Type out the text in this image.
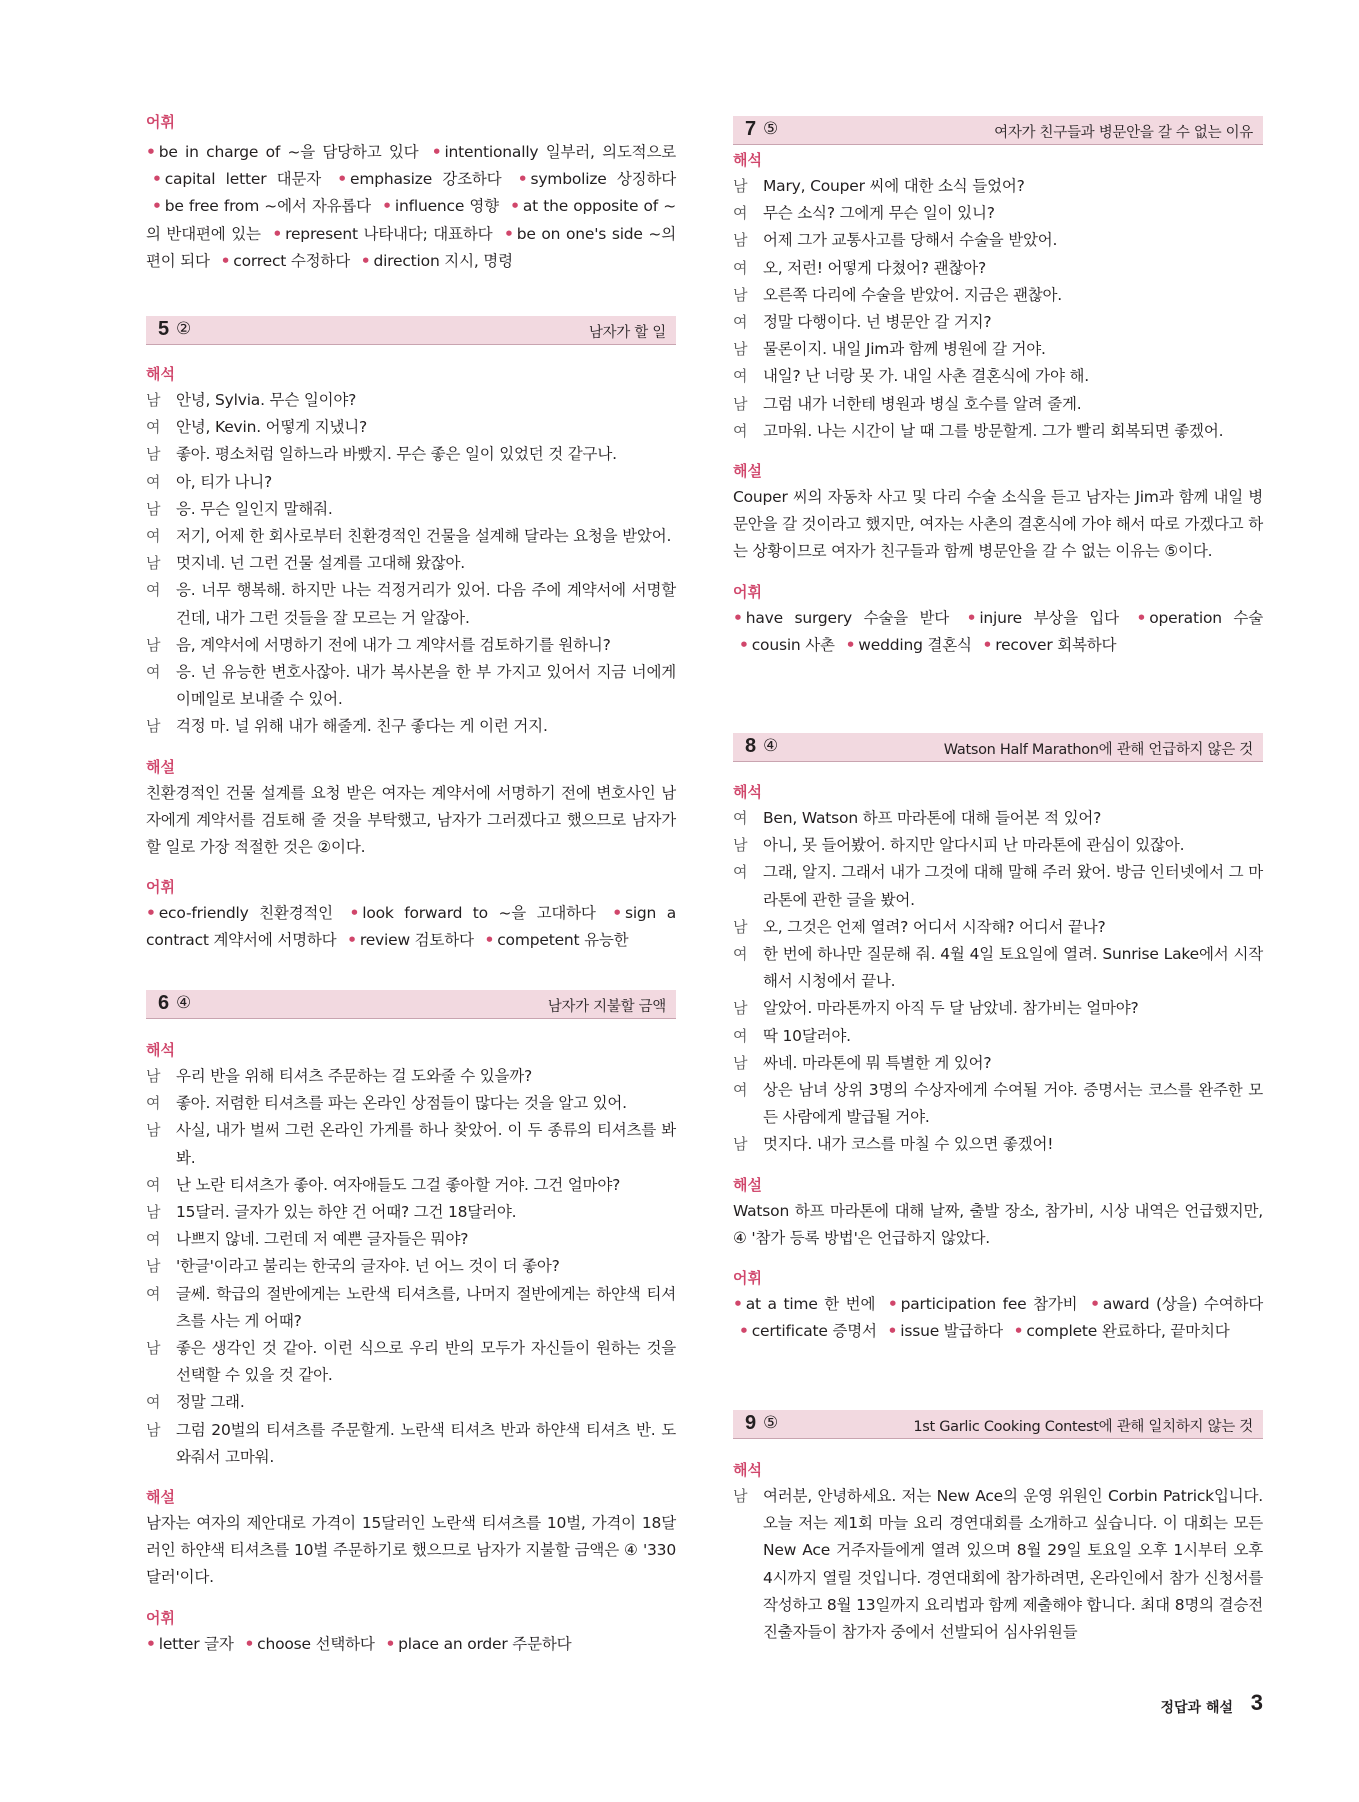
어휘
• be in charge of ~을 담당하고 있다 • intentionally 일부러, 의도적으로 • capital letter 대문자 • emphasize 강조하다 • symbolize 상징하다 • be free from ~에서 자유롭다 • influence 영향 • at the opposite of ~의 반대편에 있는 • represent 나타내다; 대표하다 • be on one's side ~의 편이 되다 • correct 수정하다 • direction 지시, 명령
5 ②	남자가 할 일
해석
남	안녕, Sylvia. 무슨 일이야?
여	안녕, Kevin. 어떻게 지냈니?
남	좋아. 평소처럼 일하느라 바빴지. 무슨 좋은 일이 있었던 것 같구나.
여	아, 티가 나니?
남	응. 무슨 일인지 말해줘.
여	저기, 어제 한 회사로부터 친환경적인 건물을 설계해 달라는 요청을 받았어.
남	멋지네. 넌 그런 건물 설계를 고대해 왔잖아.
여	응. 너무 행복해. 하지만 나는 걱정거리가 있어. 다음 주에 계약서에 서명할 건데, 내가 그런 것들을 잘 모르는 거 알잖아.
남	음, 계약서에 서명하기 전에 내가 그 계약서를 검토하기를 원하니?
여	응. 넌 유능한 변호사잖아. 내가 복사본을 한 부 가지고 있어서 지금 너에게 이메일로 보내줄 수 있어.
남	걱정 마. 널 위해 내가 해줄게. 친구 좋다는 게 이런 거지.
해설
친환경적인 건물 설계를 요청 받은 여자는 계약서에 서명하기 전에 변호사인 남자에게 계약서를 검토해 줄 것을 부탁했고, 남자가 그러겠다고 했으므로 남자가 할 일로 가장 적절한 것은 ②이다.
어휘
• eco-friendly 친환경적인 • look forward to ~을 고대하다 • sign a contract 계약서에 서명하다 • review 검토하다 • competent 유능한
6 ④	남자가 지불할 금액
해석
남	우리 반을 위해 티셔츠 주문하는 걸 도와줄 수 있을까?
여	좋아. 저렴한 티셔츠를 파는 온라인 상점들이 많다는 것을 알고 있어.
남	사실, 내가 벌써 그런 온라인 가게를 하나 찾았어. 이 두 종류의 티셔츠를 봐 봐.
여	난 노란 티셔츠가 좋아. 여자애들도 그걸 좋아할 거야. 그건 얼마야?
남	15달러. 글자가 있는 하얀 건 어때? 그건 18달러야.
여	나쁘지 않네. 그런데 저 예쁜 글자들은 뭐야?
남	'한글'이라고 불리는 한국의 글자야. 넌 어느 것이 더 좋아?
여	글쎄. 학급의 절반에게는 노란색 티셔츠를, 나머지 절반에게는 하얀색 티셔츠를 사는 게 어때?
남	좋은 생각인 것 같아. 이런 식으로 우리 반의 모두가 자신들이 원하는 것을 선택할 수 있을 것 같아.
여	정말 그래.
남	그럼 20벌의 티셔츠를 주문할게. 노란색 티셔츠 반과 하얀색 티셔츠 반. 도와줘서 고마워.
해설
남자는 여자의 제안대로 가격이 15달러인 노란색 티셔츠를 10벌, 가격이 18달러인 하얀색 티셔츠를 10벌 주문하기로 했으므로 남자가 지불할 금액은 ④ '330달러'이다.
어휘
• letter 글자 • choose 선택하다 • place an order 주문하다
7 ⑤	여자가 친구들과 병문안을 갈 수 없는 이유
해석
남	Mary, Couper 씨에 대한 소식 들었어?
여	무슨 소식? 그에게 무슨 일이 있니?
남	어제 그가 교통사고를 당해서 수술을 받았어.
여	오, 저런! 어떻게 다쳤어? 괜찮아?
남	오른쪽 다리에 수술을 받았어. 지금은 괜찮아.
여	정말 다행이다. 넌 병문안 갈 거지?
남	물론이지. 내일 Jim과 함께 병원에 갈 거야.
여	내일? 난 너랑 못 가. 내일 사촌 결혼식에 가야 해.
남	그럼 내가 너한테 병원과 병실 호수를 알려 줄게.
여	고마워. 나는 시간이 날 때 그를 방문할게. 그가 빨리 회복되면 좋겠어.
해설
Couper 씨의 자동차 사고 및 다리 수술 소식을 듣고 남자는 Jim과 함께 내일 병문안을 갈 것이라고 했지만, 여자는 사촌의 결혼식에 가야 해서 따로 가겠다고 하는 상황이므로 여자가 친구들과 함께 병문안을 갈 수 없는 이유는 ⑤이다.
어휘
• have surgery 수술을 받다 • injure 부상을 입다 • operation 수술 • cousin 사촌 • wedding 결혼식 • recover 회복하다
8 ④	Watson Half Marathon에 관해 언급하지 않은 것
해석
여	Ben, Watson 하프 마라톤에 대해 들어본 적 있어?
남	아니, 못 들어봤어. 하지만 알다시피 난 마라톤에 관심이 있잖아.
여	그래, 알지. 그래서 내가 그것에 대해 말해 주러 왔어. 방금 인터넷에서 그 마라톤에 관한 글을 봤어.
남	오, 그것은 언제 열려? 어디서 시작해? 어디서 끝나?
여	한 번에 하나만 질문해 줘. 4월 4일 토요일에 열려. Sunrise Lake에서 시작해서 시청에서 끝나.
남	알았어. 마라톤까지 아직 두 달 남았네. 참가비는 얼마야?
여	딱 10달러야.
남	싸네. 마라톤에 뭐 특별한 게 있어?
여	상은 남녀 상위 3명의 수상자에게 수여될 거야. 증명서는 코스를 완주한 모든 사람에게 발급될 거야.
남	멋지다. 내가 코스를 마칠 수 있으면 좋겠어!
해설
Watson 하프 마라톤에 대해 날짜, 출발 장소, 참가비, 시상 내역은 언급했지만, ④ '참가 등록 방법'은 언급하지 않았다.
어휘
• at a time 한 번에 • participation fee 참가비 • award (상을) 수여하다 • certificate 증명서 • issue 발급하다 • complete 완료하다, 끝마치다
9 ⑤	1st Garlic Cooking Contest에 관해 일치하지 않는 것
해석
남	여러분, 안녕하세요. 저는 New Ace의 운영 위원인 Corbin Patrick입니다. 오늘 저는 제1회 마늘 요리 경연대회를 소개하고 싶습니다. 이 대회는 모든 New Ace 거주자들에게 열려 있으며 8월 29일 토요일 오후 1시부터 오후 4시까지 열릴 것입니다. 경연대회에 참가하려면, 온라인에서 참가 신청서를 작성하고 8월 13일까지 요리법과 함께 제출해야 합니다. 최대 8명의 결승전 진출자들이 참가자 중에서 선발되어 심사위원들
정답과 해설 3
